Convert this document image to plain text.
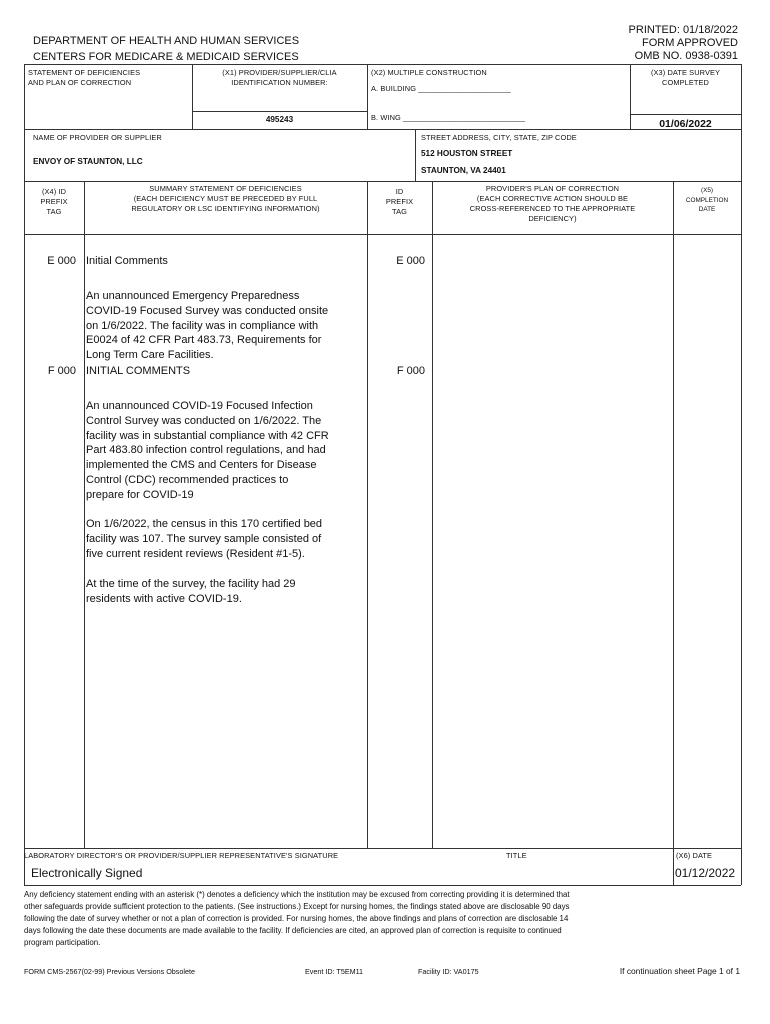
PRINTED: 01/18/2022
FORM APPROVED
OMB NO. 0938-0391
DEPARTMENT OF HEALTH AND HUMAN SERVICES
CENTERS FOR MEDICARE & MEDICAID SERVICES
STATEMENT OF DEFICIENCIES
AND PLAN OF CORRECTION
(X1) PROVIDER/SUPPLIER/CLIA
IDENTIFICATION NUMBER:
495243
(X2) MULTIPLE CONSTRUCTION
A. BUILDING ______________________
B. WING _____________________________
(X3) DATE SURVEY
COMPLETED
01/06/2022
NAME OF PROVIDER OR SUPPLIER
ENVOY OF STAUNTON, LLC
STREET ADDRESS, CITY, STATE, ZIP CODE
512 HOUSTON STREET
STAUNTON, VA 24401
(X4) ID
PREFIX
TAG
SUMMARY STATEMENT OF DEFICIENCIES
(EACH DEFICIENCY MUST BE PRECEDED BY FULL
REGULATORY OR LSC IDENTIFYING INFORMATION)
ID
PREFIX
TAG
PROVIDER'S PLAN OF CORRECTION
(EACH CORRECTIVE ACTION SHOULD BE
CROSS-REFERENCED TO THE APPROPRIATE
DEFICIENCY)
(X5)
COMPLETION
DATE
E 000 Initial Comments	E 000

An unannounced Emergency Preparedness
COVID-19 Focused Survey was conducted onsite
on 1/6/2022. The facility was in compliance with
E0024 of 42 CFR Part 483.73, Requirements for
Long Term Care Facilities.

F 000 INITIAL COMMENTS	F 000

An unannounced COVID-19 Focused Infection
Control Survey was conducted on 1/6/2022. The
facility was in substantial compliance with 42 CFR
Part 483.80 infection control regulations, and had
implemented the CMS and Centers for Disease
Control (CDC) recommended practices to
prepare for COVID-19

On 1/6/2022, the census in this 170 certified bed
facility was 107. The survey sample consisted of
five current resident reviews (Resident #1-5).

At the time of the survey, the facility had 29
residents with active COVID-19.

LABORATORY DIRECTOR'S OR PROVIDER/SUPPLIER REPRESENTATIVE'S SIGNATURE	TITLE	(X6) DATE
Electronically Signed	01/12/2022

Any deficiency statement ending with an asterisk (*) denotes a deficiency which the institution may be excused from correcting providing it is determined that
other safeguards provide sufficient protection to the patients. (See instructions.) Except for nursing homes, the findings stated above are disclosable 90 days
following the date of survey whether or not a plan of correction is provided. For nursing homes, the above findings and plans of correction are disclosable 14
days following the date these documents are made available to the facility. If deficiencies are cited, an approved plan of correction is requisite to continued
program participation.

FORM CMS-2567(02-99) Previous Versions Obsolete	Event ID: T5EM11	Facility ID: VA0175	If continuation sheet Page 1 of 1
